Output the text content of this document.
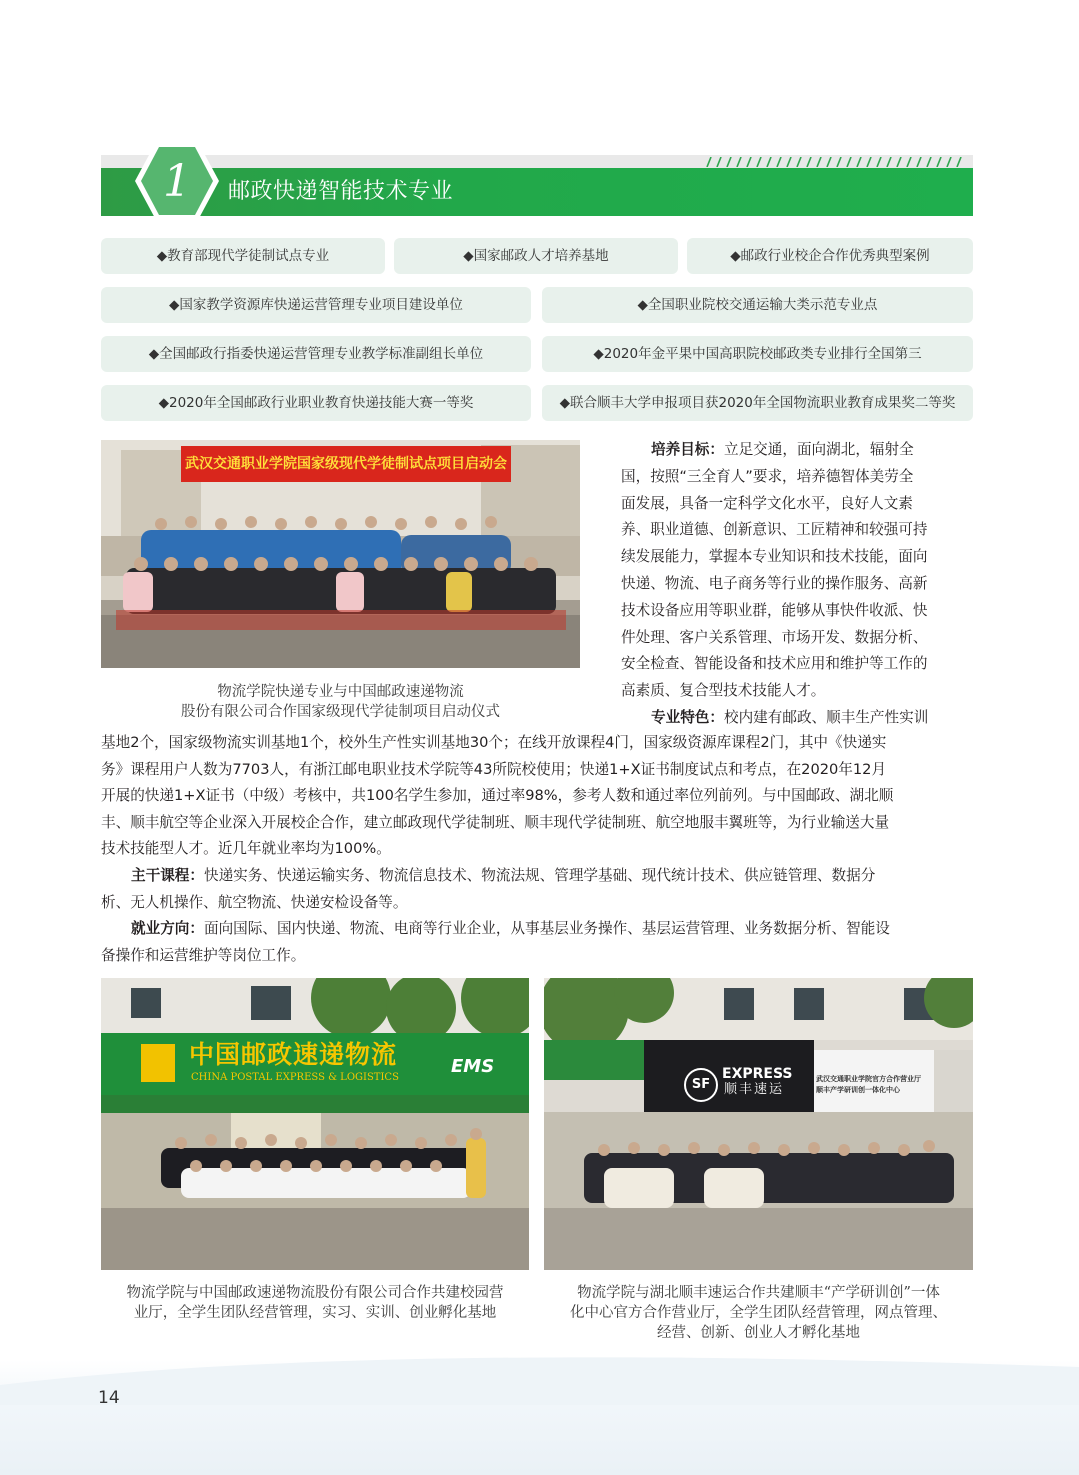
1	邮政快递智能技术专业
◆教育部现代学徒制试点专业	◆国家邮政人才培养基地	◆邮政行业校企合作优秀典型案例
◆国家教学资源库快递运营管理专业项目建设单位	◆全国职业院校交通运输大类示范专业点
◆全国邮政行指委快递运营管理专业教学标准副组长单位	◆2020年金平果中国高职院校邮政类专业排行全国第三
◆2020年全国邮政行业职业教育快递技能大赛一等奖	◆联合顺丰大学申报项目获2020年全国物流职业教育成果奖二等奖
武汉交通职业学院国家级现代学徒制试点项目启动会
物流学院快递专业与中国邮政速递物流
股份有限公司合作国家级现代学徒制项目启动仪式
培养目标：立足交通，面向湖北，辐射全
国，按照“三全育人”要求，培养德智体美劳全
面发展，具备一定科学文化水平，良好人文素
养、职业道德、创新意识、工匠精神和较强可持
续发展能力，掌握本专业知识和技术技能，面向
快递、物流、电子商务等行业的操作服务、高新
技术设备应用等职业群，能够从事快件收派、快
件处理、客户关系管理、市场开发、数据分析、
安全检查、智能设备和技术应用和维护等工作的
高素质、复合型技术技能人才。
专业特色：校内建有邮政、顺丰生产性实训
基地2个，国家级物流实训基地1个，校外生产性实训基地30个；在线开放课程4门，国家级资源库课程2门，其中《快递实
务》课程用户人数为7703人，有浙江邮电职业技术学院等43所院校使用；快递1+X证书制度试点和考点，在2020年12月
开展的快递1+X证书（中级）考核中，共100名学生参加，通过率98%，参考人数和通过率位列前列。与中国邮政、湖北顺
丰、顺丰航空等企业深入开展校企合作，建立邮政现代学徒制班、顺丰现代学徒制班、航空地服丰翼班等，为行业输送大量
技术技能型人才。近几年就业率均为100%。
主干课程：快递实务、快递运输实务、物流信息技术、物流法规、管理学基础、现代统计技术、供应链管理、数据分
析、无人机操作、航空物流、快递安检设备等。
就业方向：面向国际、国内快递、物流、电商等行业企业，从事基层业务操作、基层运营管理、业务数据分析、智能设
备操作和运营维护等岗位工作。
中国邮政速递物流
CHINA POSTAL EXPRESS & LOGISTICS
EMS
物流学院与中国邮政速递物流股份有限公司合作共建校园营
业厅，全学生团队经营管理，实习、实训、创业孵化基地
SF
EXPRESS
顺丰速运
武汉交通职业学院官方合作营业厅
顺丰产学研训创一体化中心
物流学院与湖北顺丰速运合作共建顺丰“产学研训创”一体
化中心官方合作营业厅，全学生团队经营管理，网点管理、
经营、创新、创业人才孵化基地
14
